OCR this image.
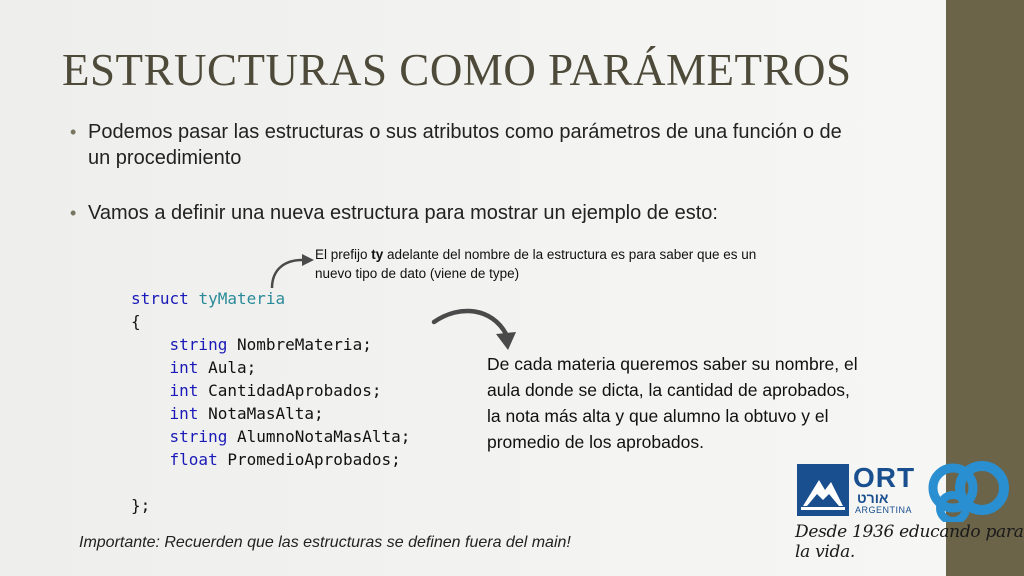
ESTRUCTURAS COMO PARÁMETROS
• Podemos pasar las estructuras o sus atributos como parámetros de una función o de
un procedimiento
• Vamos a definir una nueva estructura para mostrar un ejemplo de esto:
El prefijo ty adelante del nombre de la estructura es para saber que es un nuevo tipo de dato (viene de type)
struct tyMateria
{
string NombreMateria;
int Aula;
int CantidadAprobados;
int NotaMasAlta;
string AlumnoNotaMasAlta;
float PromedioAprobados;

};
De cada materia queremos saber su nombre, el aula donde se dicta, la cantidad de aprobados, la nota más alta y que alumno la obtuvo y el promedio de los aprobados.
Importante: Recuerden que las estructuras se definen fuera del main!
ORT
אורט
ARGENTINA
Desde 1936 educando para la vida.
